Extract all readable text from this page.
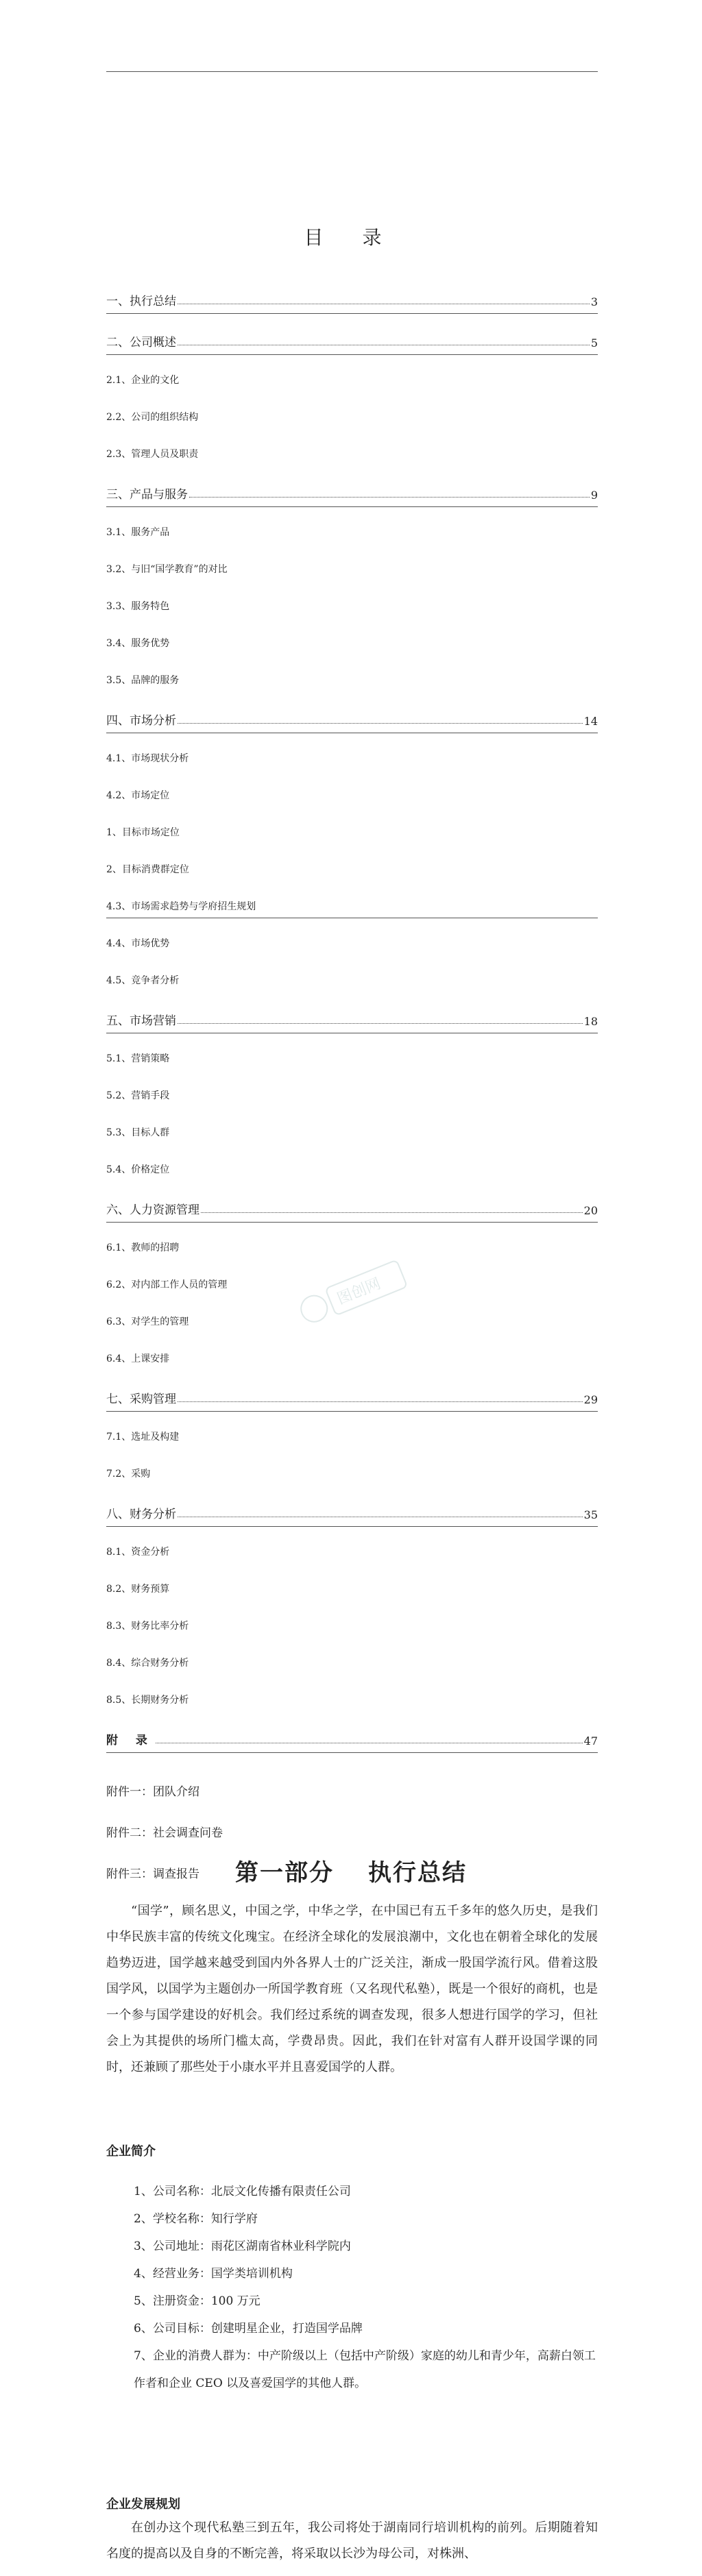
目 录
一、执行总结	3
二、公司概述	5
2.1、企业的文化
2.2、公司的组织结构
2.3、管理人员及职责
三、产品与服务	9
3.1、服务产品
3.2、与旧“国学教育”的对比
3.3、服务特色
3.4、服务优势
3.5、品牌的服务
四、市场分析	14
4.1、市场现状分析
4.2、市场定位
1、目标市场定位
2、目标消费群定位
4.3、市场需求趋势与学府招生规划
4.4、市场优势
4.5、竞争者分析
五、市场营销	18
5.1、营销策略
5.2、营销手段
5.3、目标人群
5.4、价格定位
六、人力资源管理	20
6.1、教师的招聘
6.2、对内部工作人员的管理
6.3、对学生的管理
6.4、上课安排
七、采购管理	29
7.1、选址及构建
7.2、采购
八、财务分析	35
8.1、资金分析
8.2、财务预算
8.3、财务比率分析
8.4、综合财务分析
8.5、长期财务分析
附 录	47
附件一：团队介绍
附件二：社会调查问卷
附件三：调查报告	第一部分 执行总结
“国学”，顾名思义，中国之学，中华之学，在中国已有五千多年的悠久历史，是我们中华民族丰富的传统文化瑰宝。在经济全球化的发展浪潮中，文化也在朝着全球化的发展趋势迈进，国学越来越受到国内外各界人士的广泛关注，渐成一股国学流行风。借着这股国学风，以国学为主题创办一所国学教育班（又名现代私塾），既是一个很好的商机，也是一个参与国学建设的好机会。我们经过系统的调查发现，很多人想进行国学的学习，但社会上为其提供的场所门槛太高，学费昂贵。因此，我们在针对富有人群开设国学课的同时，还兼顾了那些处于小康水平并且喜爱国学的人群。
企业简介
1、公司名称：北辰文化传播有限责任公司
2、学校名称：知行学府
3、公司地址：雨花区湖南省林业科学院内
4、经营业务：国学类培训机构
5、注册资金：100 万元
6、公司目标：创建明星企业，打造国学品牌
7、企业的消费人群为：中产阶级以上（包括中产阶级）家庭的幼儿和青少年，高薪白领工作者和企业 CEO 以及喜爱国学的其他人群。
企业发展规划
在创办这个现代私塾三到五年，我公司将处于湖南同行培训机构的前列。后期随着知名度的提高以及自身的不断完善，将采取以长沙为母公司，对株洲、
图创网
